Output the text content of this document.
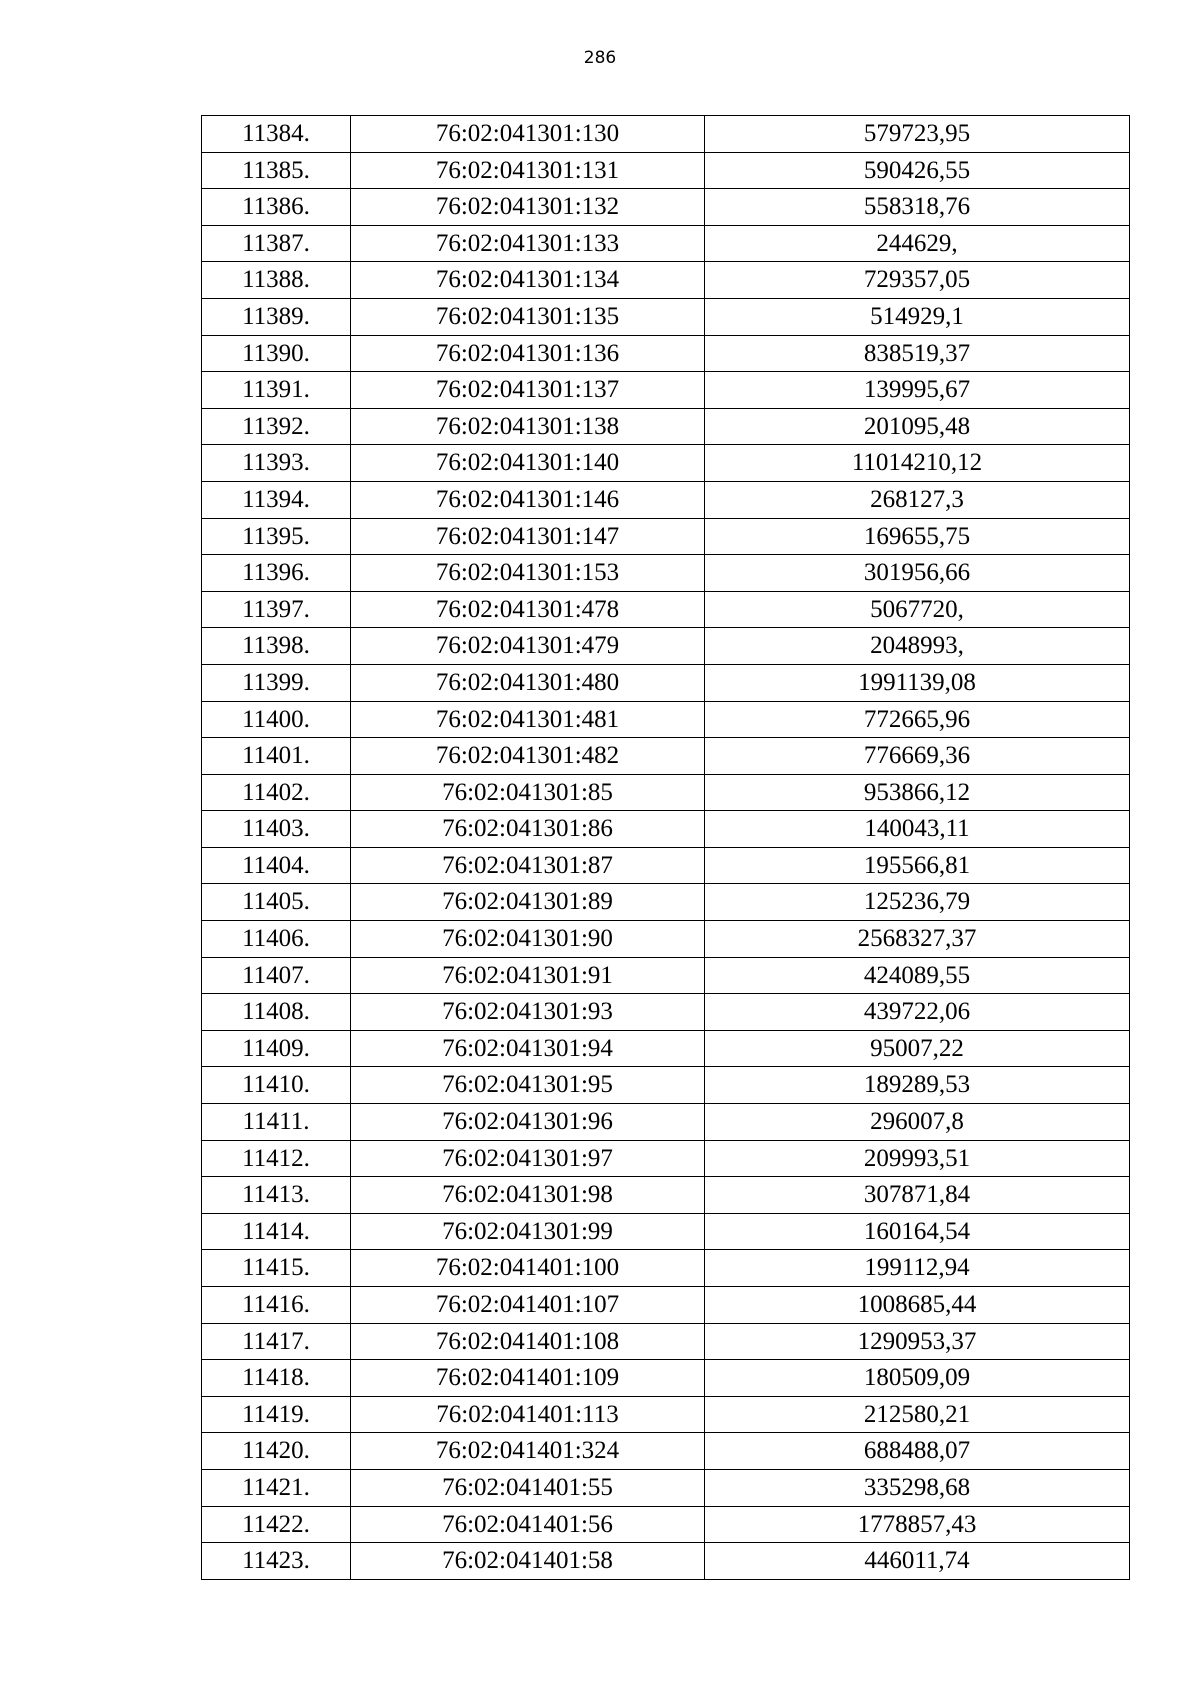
286
11384.	76:02:041301:130	579723,95
11385.	76:02:041301:131	590426,55
11386.	76:02:041301:132	558318,76
11387.	76:02:041301:133	244629,
11388.	76:02:041301:134	729357,05
11389.	76:02:041301:135	514929,1
11390.	76:02:041301:136	838519,37
11391.	76:02:041301:137	139995,67
11392.	76:02:041301:138	201095,48
11393.	76:02:041301:140	11014210,12
11394.	76:02:041301:146	268127,3
11395.	76:02:041301:147	169655,75
11396.	76:02:041301:153	301956,66
11397.	76:02:041301:478	5067720,
11398.	76:02:041301:479	2048993,
11399.	76:02:041301:480	1991139,08
11400.	76:02:041301:481	772665,96
11401.	76:02:041301:482	776669,36
11402.	76:02:041301:85	953866,12
11403.	76:02:041301:86	140043,11
11404.	76:02:041301:87	195566,81
11405.	76:02:041301:89	125236,79
11406.	76:02:041301:90	2568327,37
11407.	76:02:041301:91	424089,55
11408.	76:02:041301:93	439722,06
11409.	76:02:041301:94	95007,22
11410.	76:02:041301:95	189289,53
11411.	76:02:041301:96	296007,8
11412.	76:02:041301:97	209993,51
11413.	76:02:041301:98	307871,84
11414.	76:02:041301:99	160164,54
11415.	76:02:041401:100	199112,94
11416.	76:02:041401:107	1008685,44
11417.	76:02:041401:108	1290953,37
11418.	76:02:041401:109	180509,09
11419.	76:02:041401:113	212580,21
11420.	76:02:041401:324	688488,07
11421.	76:02:041401:55	335298,68
11422.	76:02:041401:56	1778857,43
11423.	76:02:041401:58	446011,74
